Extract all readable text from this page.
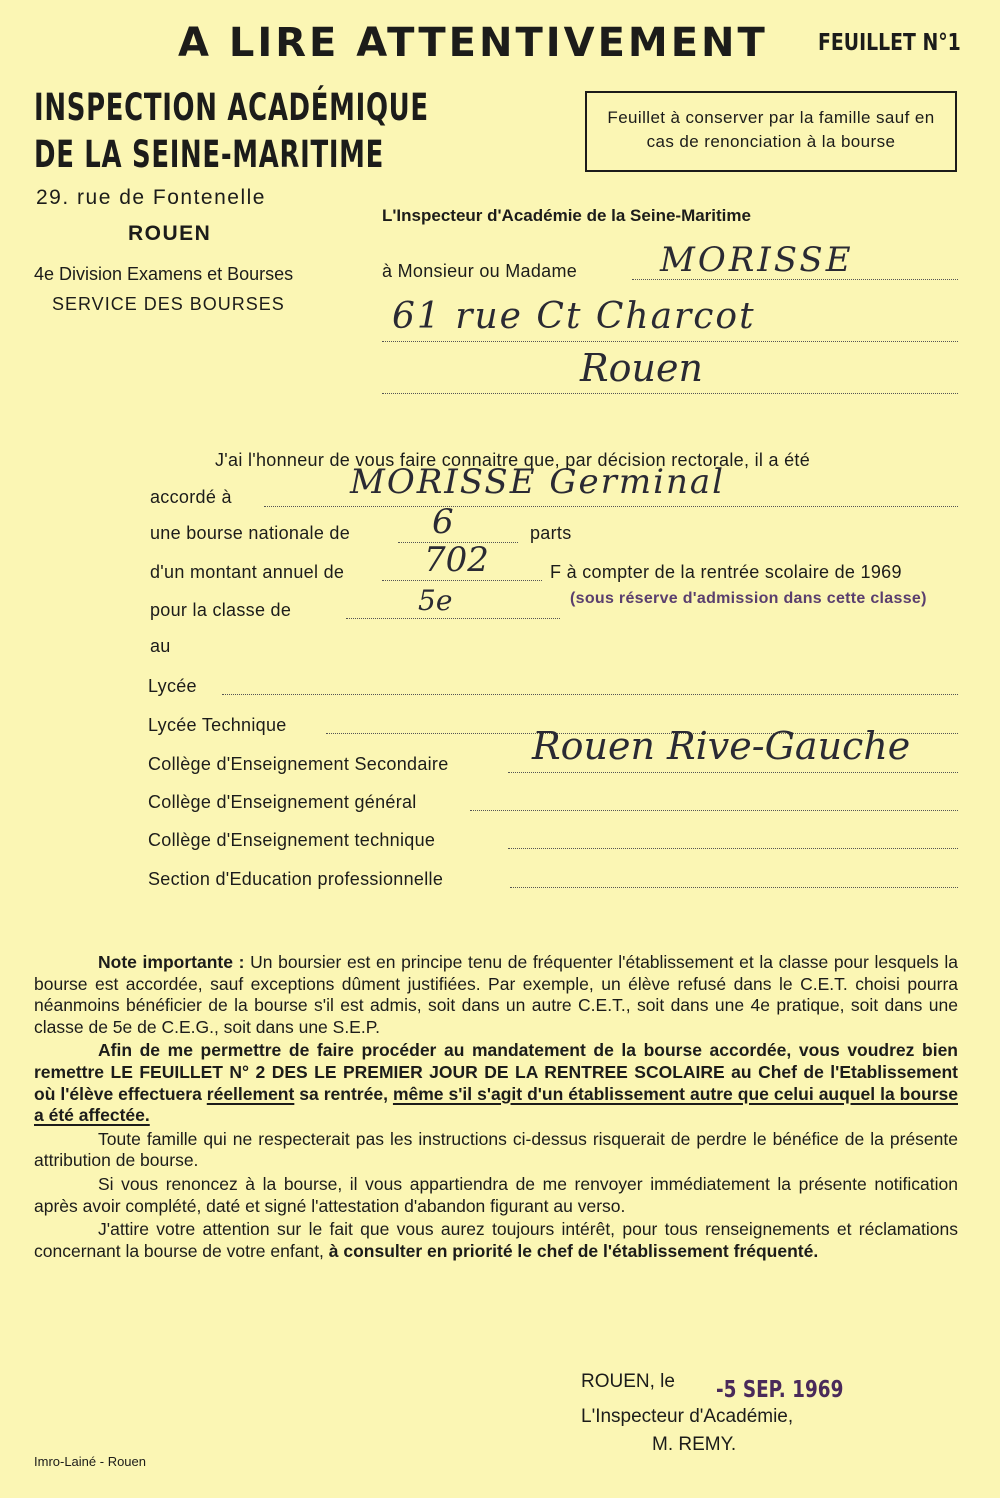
A LIRE ATTENTIVEMENT FEUILLET N°1
INSPECTION ACADÉMIQUE
DE LA SEINE-MARITIME
29. rue de Fontenelle
ROUEN
4e Division Examens et Bourses
SERVICE DES BOURSES
Feuillet à conserver par la famille sauf en cas de renonciation à la bourse
L'Inspecteur d'Académie de la Seine-Maritime
à Monsieur ou Madame MORISSE
61 rue Ct Charcot
Rouen
J'ai l'honneur de vous faire connaitre que, par décision rectorale, il a été
accordé à	MORISSE Germinal
une bourse nationale de 6	parts
d'un montant annuel de 702	F à compter de la rentrée scolaire de 1969
pour la classe de	5e	(sous réserve d'admission dans cette classe)
au
Lycée
Lycée Technique
Collège d'Enseignement Secondaire Rouen Rive-Gauche
Collège d'Enseignement général
Collège d'Enseignement technique
Section d'Education professionnelle

Note importante : Un boursier est en principe tenu de fréquenter l'établissement et la classe pour lesquels la bourse est accordée, sauf exceptions dûment justifiées. Par exemple, un élève refusé dans le C.E.T. choisi pourra néanmoins bénéficier de la bourse s'il est admis, soit dans un autre C.E.T., soit dans une 4e pratique, soit dans une classe de 5e de C.E.G., soit dans une S.E.P.

Afin de me permettre de faire procéder au mandatement de la bourse accordée, vous voudrez bien remettre LE FEUILLET N° 2 DES LE PREMIER JOUR DE LA RENTREE SCOLAIRE au Chef de l'Etablissement où l'élève effectuera réellement sa rentrée, même s'il s'agit d'un établissement autre que celui auquel la bourse a été affectée.

Toute famille qui ne respecterait pas les instructions ci-dessus risquerait de perdre le bénéfice de la présente attribution de bourse.

Si vous renoncez à la bourse, il vous appartiendra de me renvoyer immédiatement la présente notification après avoir complété, daté et signé l'attestation d'abandon figurant au verso.

J'attire votre attention sur le fait que vous aurez toujours intérêt, pour tous renseignements et réclamations concernant la bourse de votre enfant, à consulter en priorité le chef de l'établissement fréquenté.

ROUEN, le -5 SEP. 1969
L'Inspecteur d'Académie,
M. REMY.
Imro-Lainé - Rouen
